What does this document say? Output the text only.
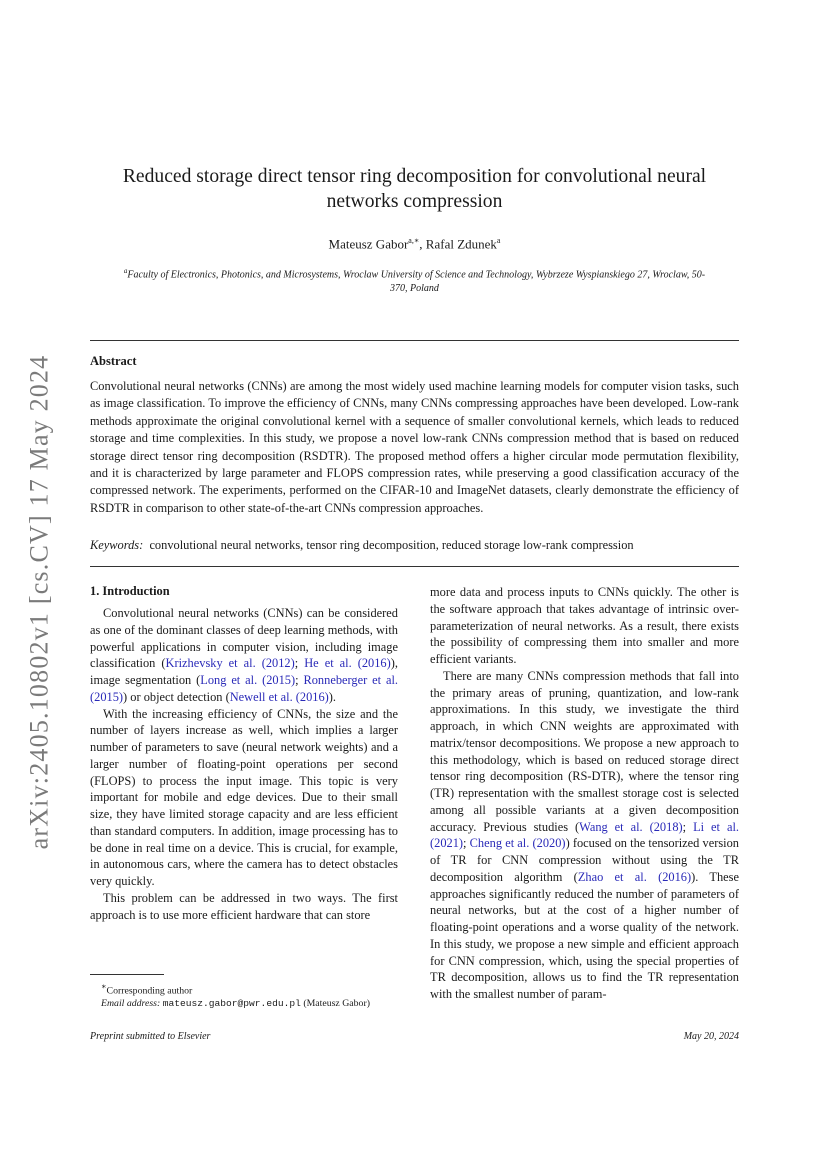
arXiv:2405.10802v1 [cs.CV] 17 May 2024
Reduced storage direct tensor ring decomposition for convolutional neural networks compression
Mateusz Gabor$^{a,∗}$, Rafal Zdunek$^a$
$^a$Faculty of Electronics, Photonics, and Microsystems, Wroclaw University of Science and Technology, Wybrzeze Wyspianskiego 27, Wroclaw, 50-370, Poland
Abstract

Convolutional neural networks (CNNs) are among the most widely used machine learning models for computer vision tasks, such as image classification. To improve the efficiency of CNNs, many CNNs compressing approaches have been developed. Low-rank methods approximate the original convolutional kernel with a sequence of smaller convolutional kernels, which leads to reduced storage and time complexities. In this study, we propose a novel low-rank CNNs compression method that is based on reduced storage direct tensor ring decomposition (RSDTR). The proposed method offers a higher circular mode permutation flexibility, and it is characterized by large parameter and FLOPS compression rates, while preserving a good classification accuracy of the compressed network. The experiments, performed on the CIFAR-10 and ImageNet datasets, clearly demonstrate the efficiency of RSDTR in comparison to other state-of-the-art CNNs compression approaches.

Keywords: convolutional neural networks, tensor ring decomposition, reduced storage low-rank compression
1. Introduction

Convolutional neural networks (CNNs) can be considered as one of the dominant classes of deep learning methods, with powerful applications in computer vision, including image classification (Krizhevsky et al. (2012); He et al. (2016)), image segmentation (Long et al. (2015); Ronneberger et al. (2015)) or object detection (Newell et al. (2016)).

With the increasing efficiency of CNNs, the size and the number of layers increase as well, which implies a larger number of parameters to save (neural network weights) and a larger number of floating-point operations per second (FLOPS) to process the input image. This topic is very important for mobile and edge devices. Due to their small size, they have limited storage capacity and are less efficient than standard computers. In addition, image processing has to be done in real time on a device. This is crucial, for example, in autonomous cars, where the camera has to detect obstacles very quickly.

This problem can be addressed in two ways. The first approach is to use more efficient hardware that can store

more data and process inputs to CNNs quickly. The other is the software approach that takes advantage of intrinsic over-parameterization of neural networks. As a result, there exists the possibility of compressing them into smaller and more efficient variants.

There are many CNNs compression methods that fall into the primary areas of pruning, quantization, and low-rank approximations. In this study, we investigate the third approach, in which CNN weights are approximated with matrix/tensor decompositions. We propose a new approach to this methodology, which is based on reduced storage direct tensor ring decomposition (RS-DTR), where the tensor ring (TR) representation with the smallest storage cost is selected among all possible variants at a given decomposition accuracy. Previous studies (Wang et al. (2018); Li et al. (2021); Cheng et al. (2020)) focused on the tensorized version of TR for CNN compression without using the TR decomposition algorithm (Zhao et al. (2016)). These approaches significantly reduced the number of parameters of neural networks, but at the cost of a higher number of floating-point operations and a worse quality of the network. In this study, we propose a new simple and efficient approach for CNN compression, which, using the special properties of TR decomposition, allows us to find the TR representation with the smallest number of param-

∗Corresponding author

Email address: mateusz.gabor@pwr.edu.pl (Mateusz Gabor)

Preprint submitted to Elsevier	May 20, 2024
